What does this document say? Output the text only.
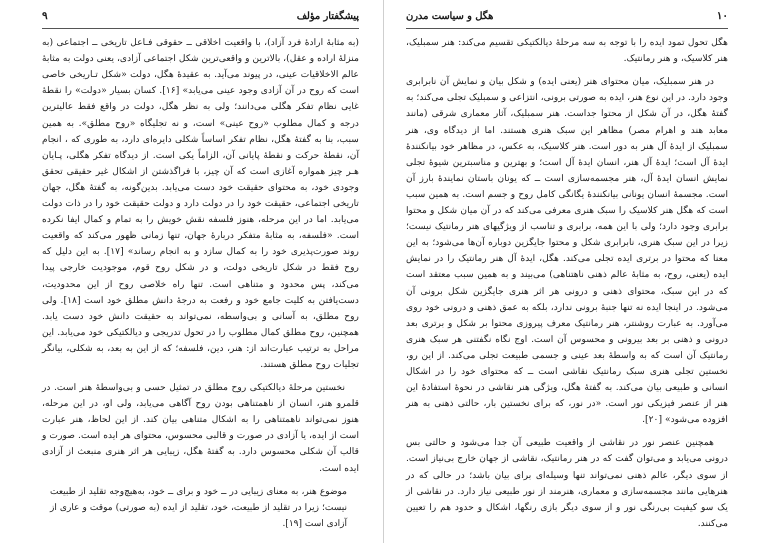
پیشگفتار مؤلف
۹

(به مثابهٔ ارادهٔ فرد آزاد)، با واقعیت اخلاقی ــ حقوقی فـاعل تاریخی ــ اجتماعی (به منزلهٔ اراده و عقل)، بالاترین و واقعی‌ترین شکل اجتماعی آزادی، یعنی دولت به مثابهٔ عالم الاخلاقیات عینی، در پیوند می‌آید. به عقیدهٔ هگل، دولت «شکل تـاریخی خاصی است که روح در آن آزادی وجود عینی می‌یابد» [۱۶]. کسان بسیار «دولت» را نقطهٔ غایی نظام تفکر هگلی می‌دانند؛ ولی به نظر هگل، دولت در واقع فقط عالیترین درجه و کمال مطلوب «روح عینی» است، و نه تجلیگاه «روح مطلق». به همین سبب، بنا به گفتهٔ هگل، نظام تفکر اساساً شکلی دایره‌ای دارد، به طوری که ، انجام آن، نقطهٔ حرکت و نقطهٔ پایانی آن، الزاماً یکی است. از دیدگاه تفکر هگلی، پـایان هـر چیز همواره آغازی است که آن چیز، با فراگذشتن از اشکال غیر حقیقی تحقق وجودی خود، به محتوای حقیقت خود دست می‌یابد. بدین‌گونه، به گفتهٔ هگل، جهان تاریخی اجتماعی، حقیقت خود را در دولت دارد و دولت حقیقت خود را در ذات دولت می‌یابد. اما در این مرحله، هنوز فلسفه نقش خویش را به تمام و کمال ایفا نکرده است. «فلسفه، به مثابهٔ متفکر دربارهٔ جهان، تنها زمانی ظهور می‌کند که واقعیت روند صورت‌پذیری خود را به کمال سازد و به انجام رساند» [۱۷]. به این دلیل که روح فقط در شکل تاریخی دولت، و در شکل روح قوم، موجودیت خارجی پیدا می‌کند، پس محدود و متناهی است. تنها راه خلاصی روح از این محدودیت، دست‌یافتن به کلیت جامع خود و رفعت به درجهٔ دانش مطلق خود است [۱۸]. ولی روح مطلق، به آسانی و بی‌واسطه، نمی‌تواند به حقیقت دانش خود دست یابد. همچنین، روح مطلق کمال مطلوب را در تحول تدریجی و دیالکتیکی خود می‌یابد. این مراحل به ترتیب عبارت‌اند از: هنر، دین، فلسفه؛ که از این به بعد، به شکلی، بیانگر تجلیات روح مطلق هستند.

نخستین مرحلهٔ دیالکتیکی روح مطلق در تمثیل حسی و بی‌واسطهٔ هنر است. در قلمرو هنر، انسان از ناهمتناهی بودن روح آگاهی می‌یابد، ولی او، در این مرحله، هنوز نمی‌تواند ناهمتناهی را به اشکال متناهی بیان کند. از این لحاظ، هنر عبارت است از ایده، یا آزادی در صورت و قالبی محسوس، محتوای هر ایده است. صورت و قالب آن شکلی محسوس دارد. به گفتهٔ هگل، زیبایی هر اثر هنری منبعث از آزادی ایده است.

موضوع هنر، به معنای زیبایی در ــ خود و برای ــ خود، به‌هیچ‌وجه تقلید از طبیعت نیست؛ زیرا در تقلید از طبیعت، خود، تقلید از ایده (به صورتی) موقت و عاری از آزادی است [۱۹].

۱۰
هگل و سیاست مدرن

هگل تحول تمود ایده را با توجه به سه مرحلهٔ دیالکتیکی تقسیم می‌کند: هنر سمبلیک، هنر کلاسیک، و هنر رمانتیک.

در هنر سمبلیک، میان محتوای هنر (یعنی ایده) و شکل بیان و نمایش آن نابرابری وجود دارد. در این نوع هنر، ایده به صورتی برونی، انتزاعی و سمبلیک تجلی می‌کند؛ به گفتهٔ هگل، در آن شکل از محتوا جداست. هنر سمبلیک، آثار معماری شرقی (مانند معابد هند و اهرام مصر) مظاهر این سبک هنری هستند. اما از دیدگاه وی، هنر سمبلیک از ایدهٔ آل هنر به دور است. هنر کلاسیک، به عکس، در مظاهر خود بیانکنندهٔ ایدهٔ آل است؛ ایدهٔ آل هنر، انسان ایدهٔ آل است؛ و بهترین و مناسبترین شیوهٔ تجلی نمایش انسان ایدهٔ آل، هنر مجسمه‌سازی است ــ که یونان باستان نمایندهٔ بارز آن است. مجسمهٔ انسان یونانی بیانکنندهٔ یگانگی کامل روح و جسم است. به همین سبب است که هگل هنر کلاسیک را سبک هنری معرفی می‌کند که در آن میان شکل و محتوا برابری وجود دارد؛ ولی با این همه، برابری و تناسب از ویژگیهای هنر رمانتیک نیست؛ زیرا در این سبک هنری، نابرابری شکل و محتوا جایگزین دوباره آن‌ها می‌شود؛ به این معنا که محتوا در برتری ایده تجلی می‌کند. هگل، ایدهٔ آل هنر رمانتیک را در نمایش ایده (یعنی، روح، به مثابهٔ عالم ذهنی ناهتناهی) می‌بیند و به همین سبب معتقد است که در این سبک، محتوای ذهنی و درونی هر اثر هنری جایگزین شکل برونی آن می‌شود. در اینجا ایده نه تنها جنبهٔ برونی ندارد، بلکه به عمق ذهنی و درونی خود روی می‌آورد. به عبارت روشنتر، هنر رمانتیک معرف پیروزی محتوا بر شکل و برتری بعد درونی و ذهنی بر بعد بیرونی و محسوس آن است. اوج نگاه نگفتنی هر سبک هنری رمانتیک آن است که به ‌واسطهٔ بعد عینی و جسمی طبیعت تجلی می‌کند. از این رو، نخستین تجلی هنری سبک رمانتیک نقاشی است ــ که محتوای خود را در اشکال انسانی و طبیعی بیان می‌کند. به گفتهٔ هگل، ویژگی هنر نقاشی در نحوهٔ استفادهٔ این هنر از عنصر فیزیکی نور است. «در نور، که برای نخستین بار، حالتی ذهنی به هنر افزوده می‌شود» [۲۰].

همچنین عنصر نور در نقاشی از واقعیت طبیعی آن جدا می‌شود و حالتی بس درونی می‌یابد و می‌توان گفت که در هنر رمانتیک، نقاشی از جهان خارج بی‌نیاز است. از سوی دیگر، عالم ذهنی نمی‌تواند تنها وسیله‌ای برای بیان باشد؛ در حالی که در هنرهایی مانند مجسمه‌سازی و معماری، هنرمند از نور طبیعی نیاز دارد. در نقاشی از یک سو کیفیت بی‌رنگی نور و از سوی دیگر بازی رنگها، اشکال و حدود هم را تعیین می‌کنند.
